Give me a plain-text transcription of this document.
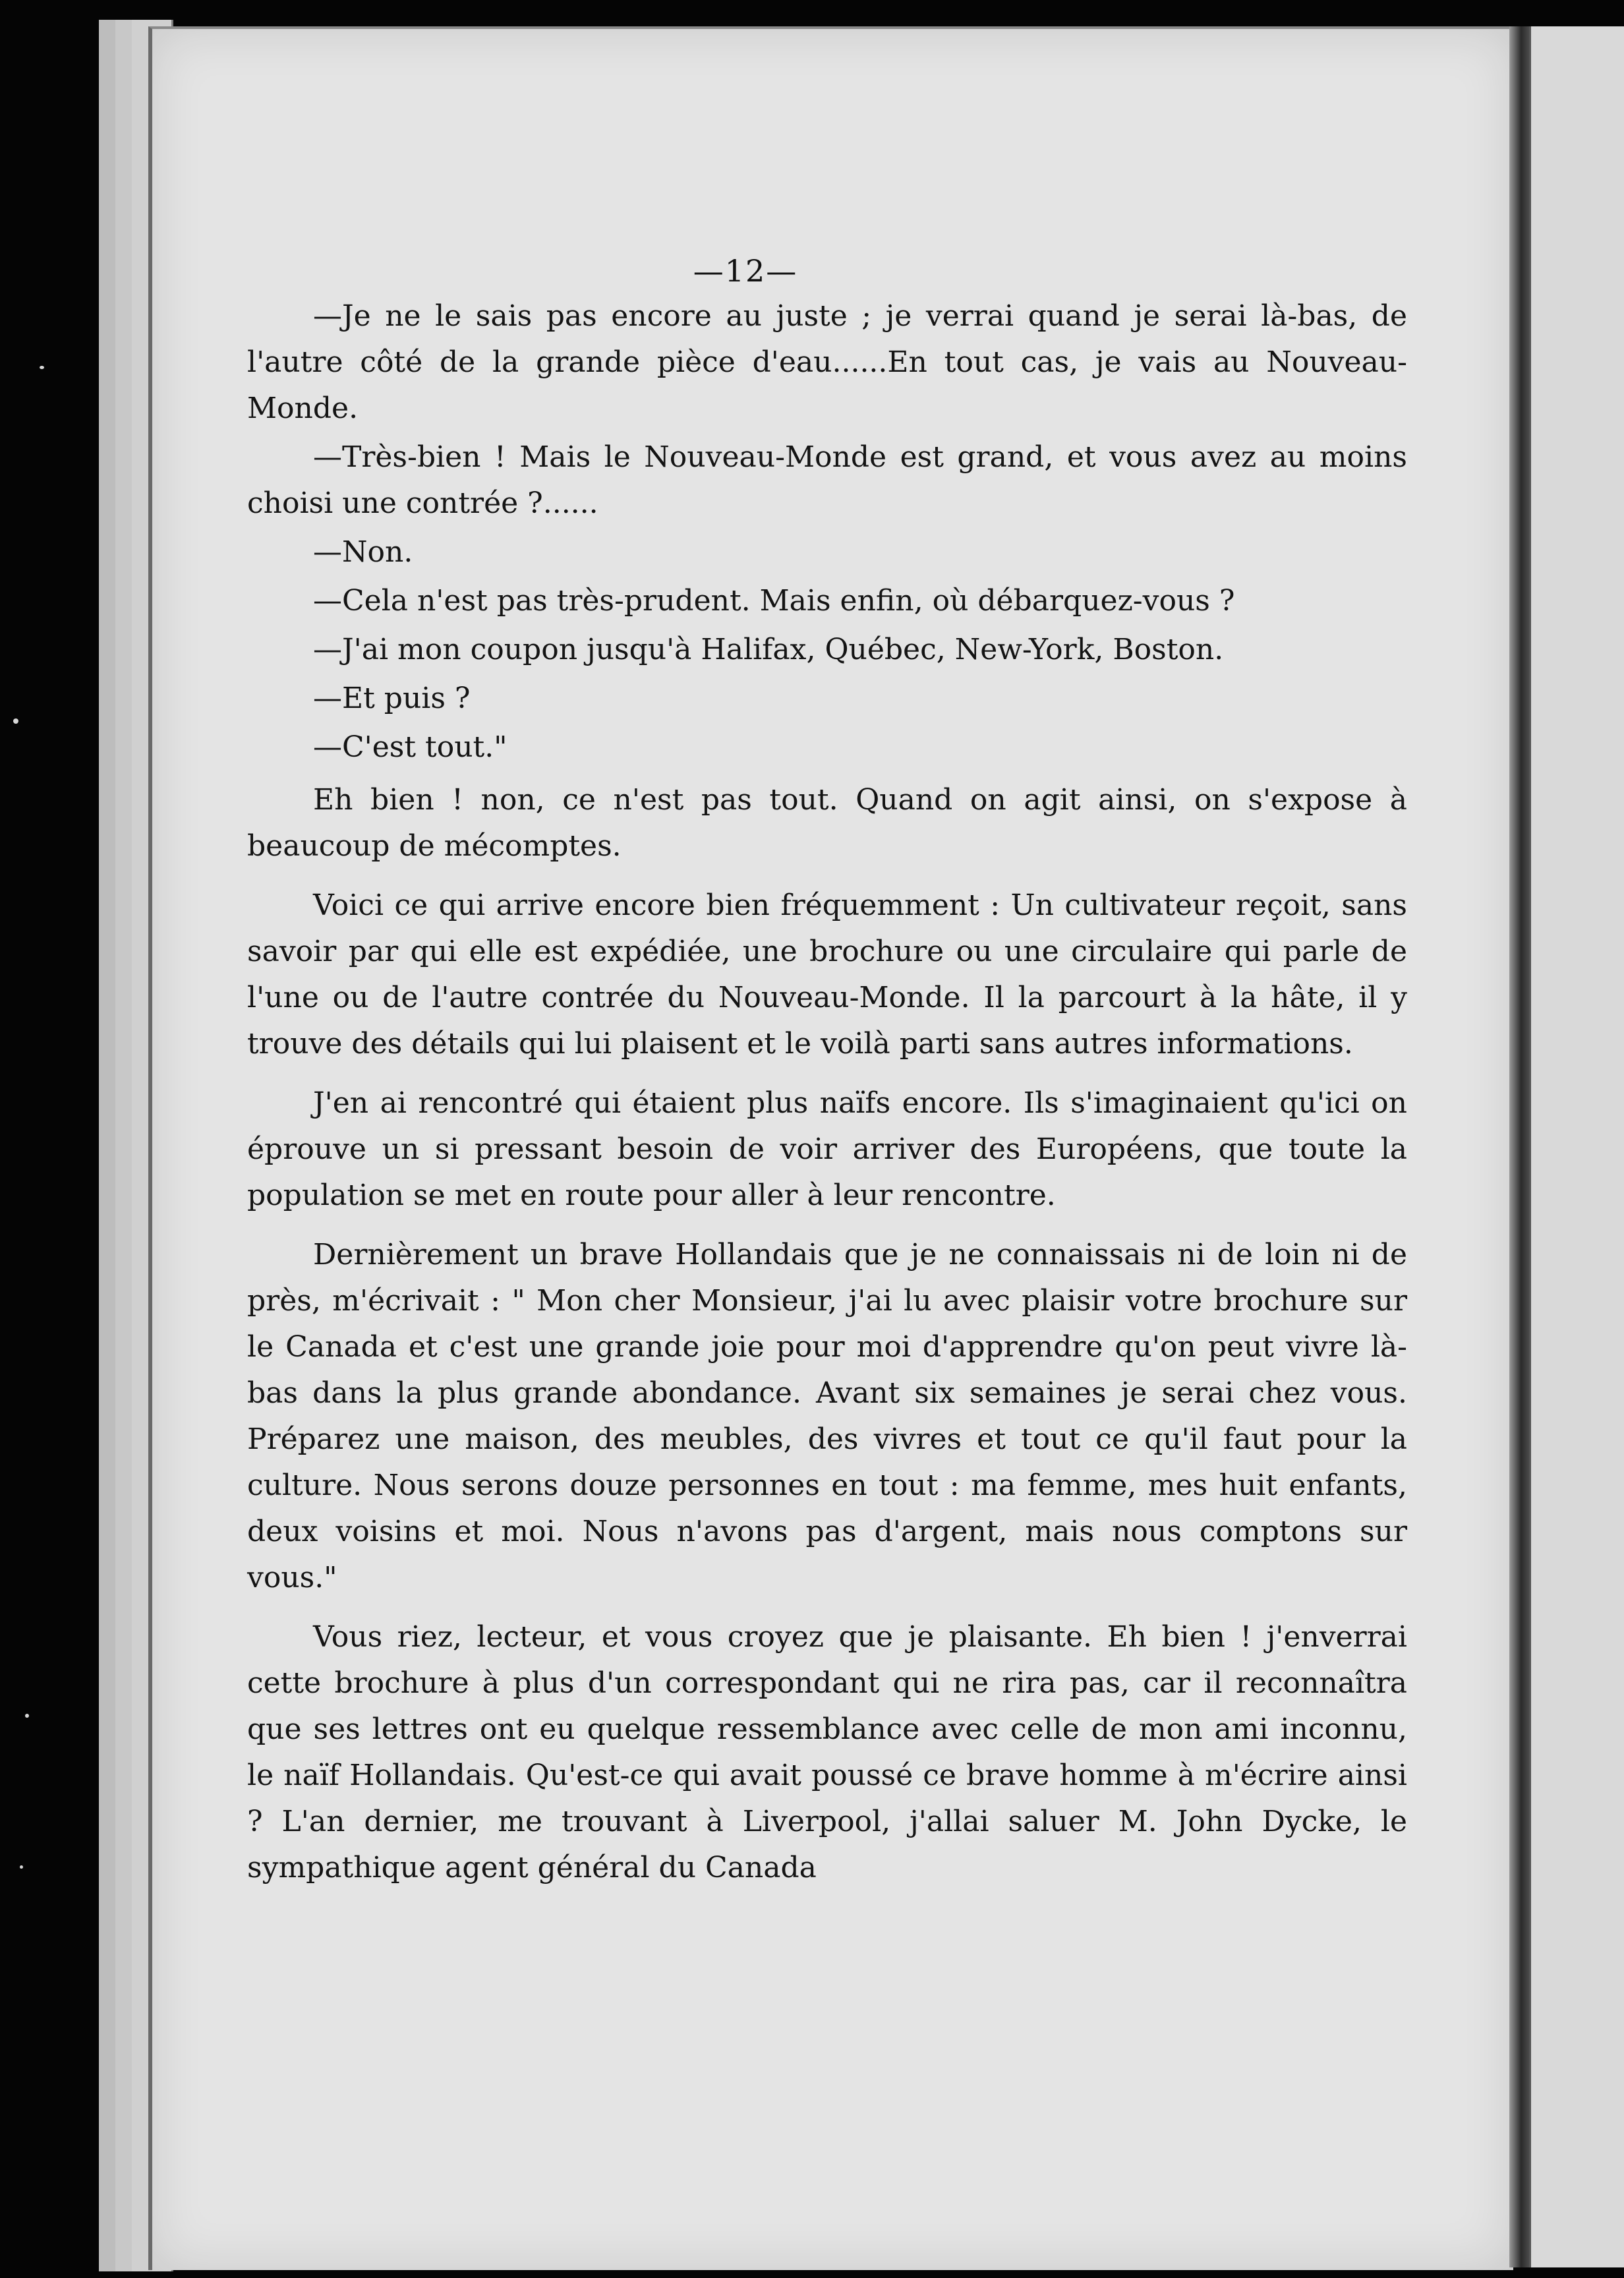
—12—

—Je ne le sais pas encore au juste ; je verrai quand je serai là-bas, de l'autre côté de la grande pièce d'eau......En tout cas, je vais au Nouveau-Monde.

—Très-bien ! Mais le Nouveau-Monde est grand, et vous avez au moins choisi une contrée ?......

—Non.

—Cela n'est pas très-prudent. Mais enfin, où débarquez-vous ?

—J'ai mon coupon jusqu'à Halifax, Québec, New-York, Boston.

—Et puis ?

—C'est tout."

Eh bien ! non, ce n'est pas tout. Quand on agit ainsi, on s'expose à beaucoup de mécomptes.

Voici ce qui arrive encore bien fréquemment : Un cultivateur reçoit, sans savoir par qui elle est expédiée, une brochure ou une circulaire qui parle de l'une ou de l'autre contrée du Nouveau-Monde. Il la parcourt à la hâte, il y trouve des détails qui lui plaisent et le voilà parti sans autres informations.

J'en ai rencontré qui étaient plus naïfs encore. Ils s'imaginaient qu'ici on éprouve un si pressant besoin de voir arriver des Européens, que toute la population se met en route pour aller à leur rencontre.

Dernièrement un brave Hollandais que je ne connaissais ni de loin ni de près, m'écrivait : " Mon cher Monsieur, j'ai lu avec plaisir votre brochure sur le Canada et c'est une grande joie pour moi d'apprendre qu'on peut vivre là-bas dans la plus grande abondance. Avant six semaines je serai chez vous. Préparez une maison, des meubles, des vivres et tout ce qu'il faut pour la culture. Nous serons douze personnes en tout : ma femme, mes huit enfants, deux voisins et moi. Nous n'avons pas d'argent, mais nous comptons sur vous."

Vous riez, lecteur, et vous croyez que je plaisante. Eh bien ! j'enverrai cette brochure à plus d'un correspondant qui ne rira pas, car il reconnaîtra que ses lettres ont eu quelque ressemblance avec celle de mon ami inconnu, le naïf Hollandais. Qu'est-ce qui avait poussé ce brave homme à m'écrire ainsi ? L'an dernier, me trouvant à Liverpool, j'allai saluer M. John Dycke, le sympathique agent général du Canada
